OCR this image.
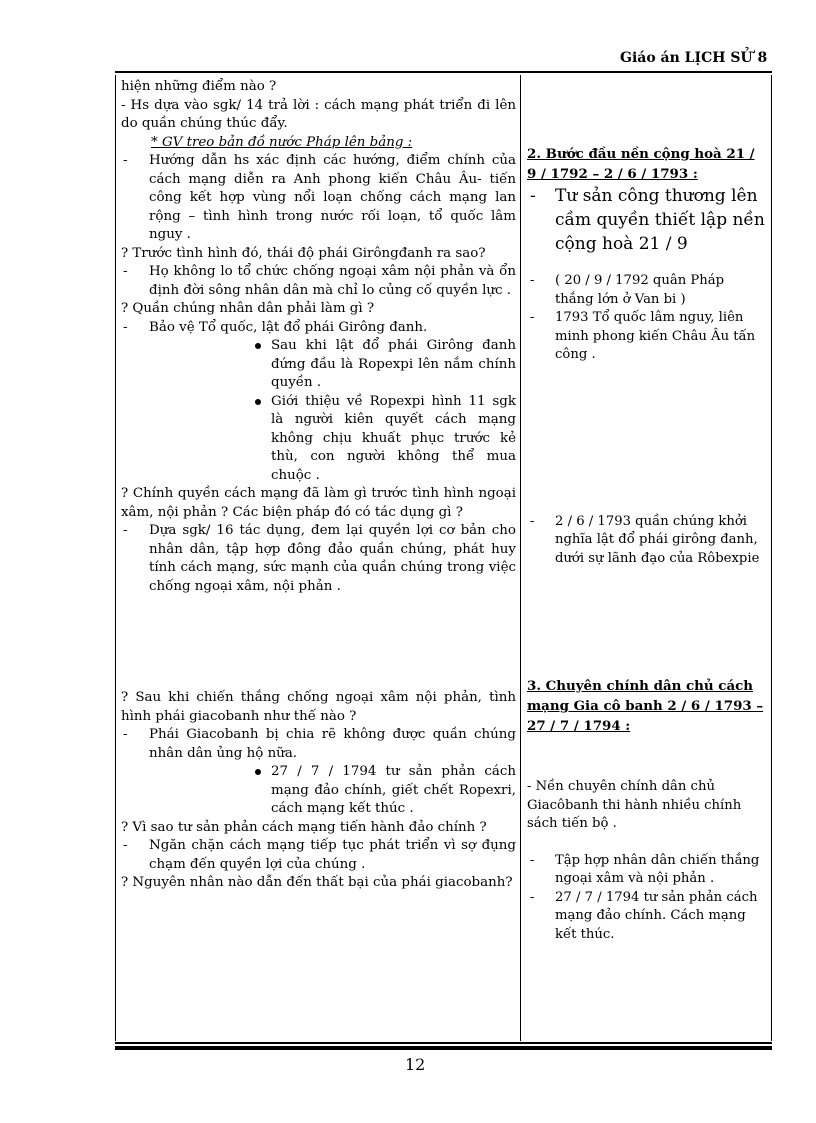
Giáo án LỊCH SỬ 8

hiện những điểm nào ?

- Hs dựa vào sgk/ 14 trả lời : cách mạng phát triển đi lên do quần chúng thúc đẩy.

* GV treo bản đồ nước Pháp lên bảng :

- Hướng dẫn hs xác định các hướng, điểm chính của cách mạng diễn ra Anh phong kiến Châu Âu- tiến công kết hợp vùng nổi loạn chống cách mạng lan rộng – tình hình trong nước rối loạn, tổ quốc lâm nguy .

? Trước tình hình đó, thái độ phái Girôngđanh ra sao?

- Họ không lo tổ chức chống ngoại xâm nội phản và ổn định đời sông nhân dân mà chỉ lo củng cố quyền lực .

? Quần chúng nhân dân phải làm gì ?

- Bảo vệ Tổ quốc, lật đổ phái Girông đanh.

Sau khi lật đổ phái Girông đanh đứng đầu là Ropexpi lên nắm chính quyền .

Giới thiệu về Ropexpi hình 11 sgk là người kiên quyết cách mạng không chịu khuất phục trước kẻ thù, con người không thể mua chuộc .

? Chính quyền cách mạng đã làm gì trước tình hình ngoại xâm, nội phản ? Các biện pháp đó có tác dụng gì ?

- Dựa sgk/ 16 tác dụng, đem lại quyền lợi cơ bản cho nhân dân, tập hợp đông đảo quần chúng, phát huy tính cách mạng, sức mạnh của quần chúng trong việc chống ngoại xâm, nội phản .

? Sau khi chiến thắng chống ngoại xâm nội phản, tình hình phái giacobanh như thế nào ?

- Phái Giacobanh bị chia rẽ không được quần chúng nhân dân ủng hộ nữa.

27 / 7 / 1794 tư sản phản cách mạng đảo chính, giết chết Ropexri, cách mạng kết thúc .

? Vì sao tư sản phản cách mạng tiến hành đảo chính ?

- Ngăn chặn cách mạng tiếp tục phát triển vì sợ đụng chạm đến quyền lợi của chúng .

? Nguyên nhân nào dẫn đến thất bại của phái giacobanh?

2. Bước đầu nền cộng hoà 21 / 9 / 1792 – 2 / 6 / 1793 :

- Tư sản công thương lên cầm quyền thiết lập nền cộng hoà 21 / 9

- ( 20 / 9 / 1792 quân Pháp thắng lớn ở Van bi )

- 1793 Tổ quốc lâm nguy, liên minh phong kiến Châu Âu tấn công .

- 2 / 6 / 1793 quần chúng khởi nghĩa lật đổ phái girông đanh, dưới sự lãnh đạo của Rôbexpie

3. Chuyên chính dân chủ cách mạng Gia cô banh 2 / 6 / 1793 – 27 / 7 / 1794 :

- Nền chuyên chính dân chủ Giacôbanh thi hành nhiều chính sách tiến bộ .

- Tập hợp nhân dân chiến thắng ngoại xâm và nội phản .

- 27 / 7 / 1794 tư sản phản cách mạng đảo chính. Cách mạng kết thúc.

12
